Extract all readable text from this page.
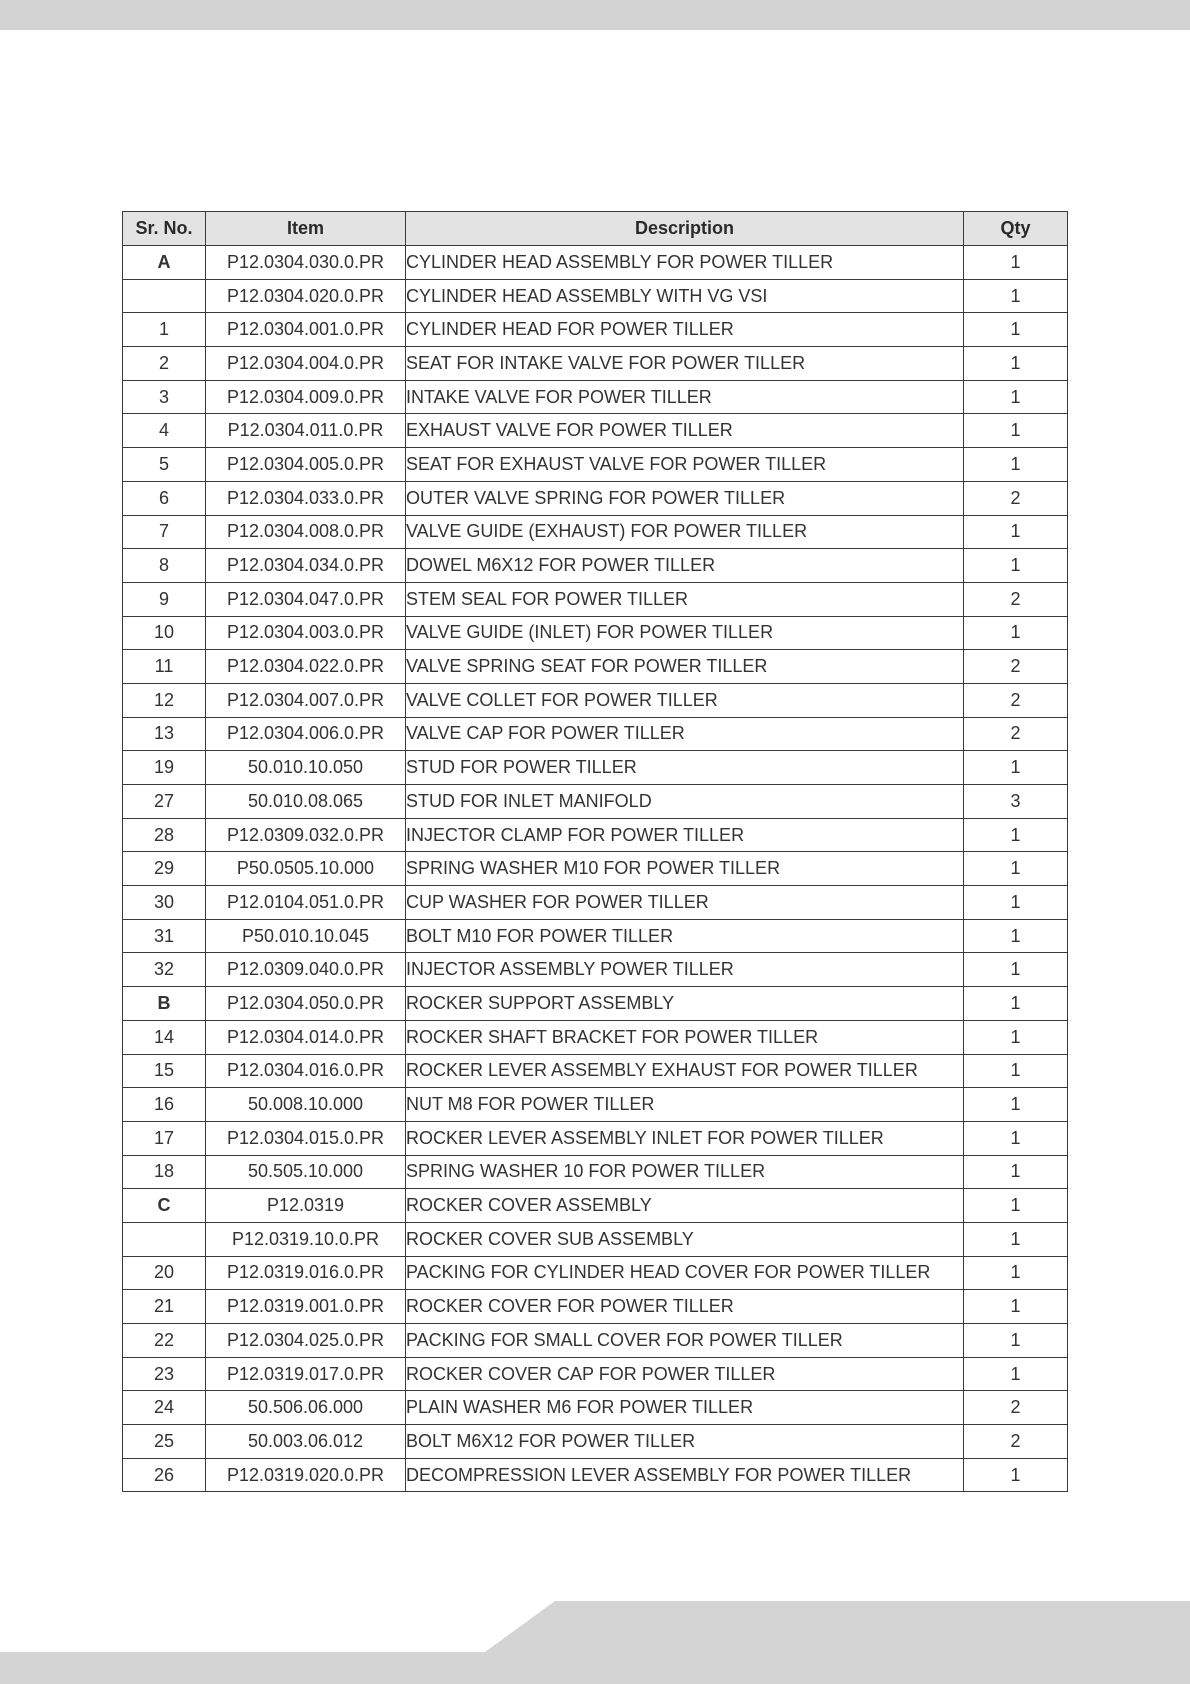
Sr. No.	Item	Description	Qty
A	P12.0304.030.0.PR	CYLINDER HEAD ASSEMBLY FOR POWER TILLER	1
	P12.0304.020.0.PR	CYLINDER HEAD ASSEMBLY WITH VG VSI	1
1	P12.0304.001.0.PR	CYLINDER HEAD FOR POWER TILLER	1
2	P12.0304.004.0.PR	SEAT FOR INTAKE VALVE FOR POWER TILLER	1
3	P12.0304.009.0.PR	INTAKE VALVE FOR POWER TILLER	1
4	P12.0304.011.0.PR	EXHAUST VALVE FOR POWER TILLER	1
5	P12.0304.005.0.PR	SEAT FOR EXHAUST VALVE FOR POWER TILLER	1
6	P12.0304.033.0.PR	OUTER VALVE SPRING FOR POWER TILLER	2
7	P12.0304.008.0.PR	VALVE GUIDE (EXHAUST) FOR POWER TILLER	1
8	P12.0304.034.0.PR	DOWEL M6X12 FOR POWER TILLER	1
9	P12.0304.047.0.PR	STEM SEAL FOR POWER TILLER	2
10	P12.0304.003.0.PR	VALVE GUIDE (INLET) FOR POWER TILLER	1
11	P12.0304.022.0.PR	VALVE SPRING SEAT FOR POWER TILLER	2
12	P12.0304.007.0.PR	VALVE COLLET FOR POWER TILLER	2
13	P12.0304.006.0.PR	VALVE CAP FOR POWER TILLER	2
19	50.010.10.050	STUD FOR POWER TILLER	1
27	50.010.08.065	STUD FOR INLET MANIFOLD	3
28	P12.0309.032.0.PR	INJECTOR CLAMP FOR POWER TILLER	1
29	P50.0505.10.000	SPRING WASHER M10 FOR POWER TILLER	1
30	P12.0104.051.0.PR	CUP WASHER FOR POWER TILLER	1
31	P50.010.10.045	BOLT M10 FOR POWER TILLER	1
32	P12.0309.040.0.PR	INJECTOR ASSEMBLY POWER TILLER	1
B	P12.0304.050.0.PR	ROCKER SUPPORT ASSEMBLY	1
14	P12.0304.014.0.PR	ROCKER SHAFT BRACKET FOR POWER TILLER	1
15	P12.0304.016.0.PR	ROCKER LEVER ASSEMBLY EXHAUST FOR POWER TILLER	1
16	50.008.10.000	NUT M8 FOR POWER TILLER	1
17	P12.0304.015.0.PR	ROCKER LEVER ASSEMBLY INLET FOR POWER TILLER	1
18	50.505.10.000	SPRING WASHER 10 FOR POWER TILLER	1
C	P12.0319	ROCKER COVER ASSEMBLY	1
	P12.0319.10.0.PR	ROCKER COVER SUB ASSEMBLY	1
20	P12.0319.016.0.PR	PACKING FOR CYLINDER HEAD COVER FOR POWER TILLER	1
21	P12.0319.001.0.PR	ROCKER COVER FOR POWER TILLER	1
22	P12.0304.025.0.PR	PACKING FOR SMALL COVER FOR POWER TILLER	1
23	P12.0319.017.0.PR	ROCKER COVER CAP FOR POWER TILLER	1
24	50.506.06.000	PLAIN WASHER M6 FOR POWER TILLER	2
25	50.003.06.012	BOLT M6X12 FOR POWER TILLER	2
26	P12.0319.020.0.PR	DECOMPRESSION LEVER ASSEMBLY FOR POWER TILLER	1
